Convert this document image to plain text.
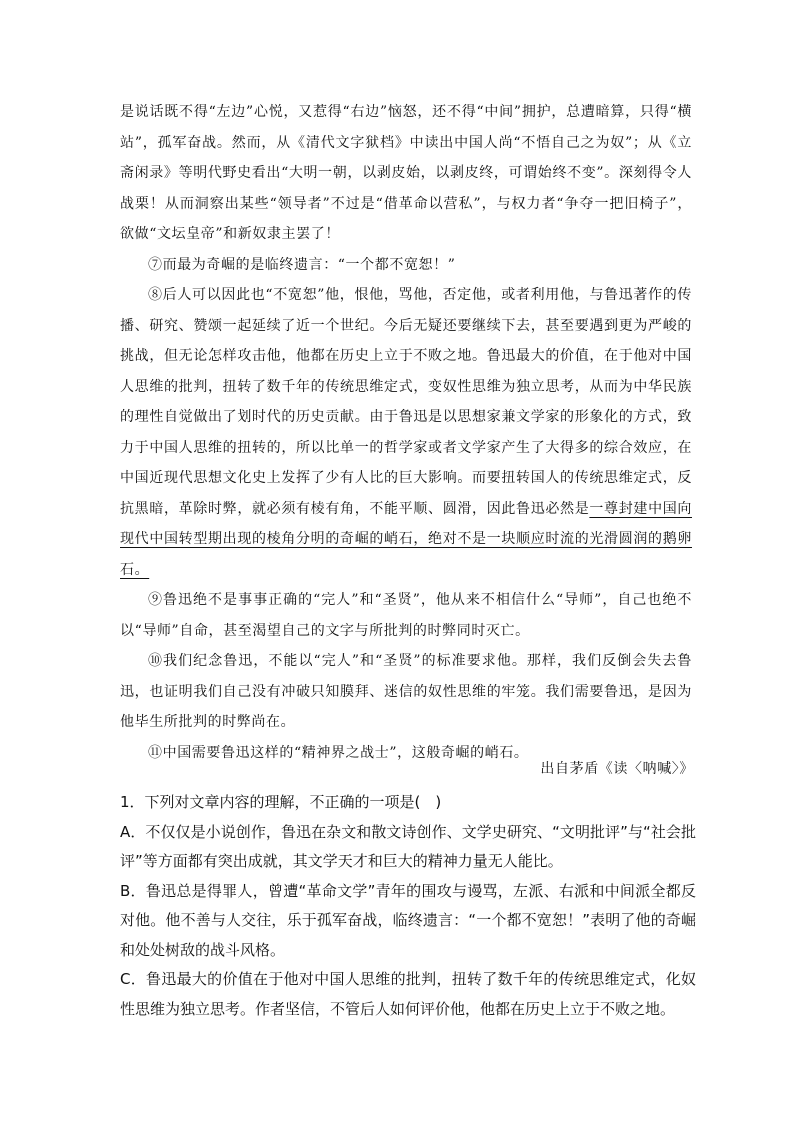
是说话既不得“左边”心悦，又惹得“右边”恼怒，还不得“中间”拥护，总遭暗算，只得“横站”，孤军奋战。然而，从《清代文字狱档》中读出中国人尚“不悟自己之为奴”；从《立斋闲录》等明代野史看出“大明一朝，以剥皮始，以剥皮终，可谓始终不变”。深刻得令人战栗！从而洞察出某些“领导者”不过是“借革命以营私”，与权力者“争夺一把旧椅子”，欲做“文坛皇帝”和新奴隶主罢了！

⑦而最为奇崛的是临终遗言：“一个都不宽恕！”

⑧后人可以因此也“不宽恕”他，恨他，骂他，否定他，或者利用他，与鲁迅著作的传播、研究、赞颂一起延续了近一个世纪。今后无疑还要继续下去，甚至要遇到更为严峻的挑战，但无论怎样攻击他，他都在历史上立于不败之地。鲁迅最大的价值，在于他对中国人思维的批判，扭转了数千年的传统思维定式，变奴性思维为独立思考，从而为中华民族的理性自觉做出了划时代的历史贡献。由于鲁迅是以思想家兼文学家的形象化的方式，致力于中国人思维的扭转的，所以比单一的哲学家或者文学家产生了大得多的综合效应，在中国近现代思想文化史上发挥了少有人比的巨大影响。而要扭转国人的传统思维定式，反抗黑暗，革除时弊，就必须有棱有角，不能平顺、圆滑，因此鲁迅必然是一尊封建中国向现代中国转型期出现的棱角分明的奇崛的峭石，绝对不是一块顺应时流的光滑圆润的鹅卵石。

⑨鲁迅绝不是事事正确的“完人”和“圣贤”，他从来不相信什么“导师”，自己也绝不以“导师”自命，甚至渴望自己的文字与所批判的时弊同时灭亡。

⑩我们纪念鲁迅，不能以“完人”和“圣贤”的标准要求他。那样，我们反倒会失去鲁迅，也证明我们自己没有冲破只知膜拜、迷信的奴性思维的牢笼。我们需要鲁迅，是因为他毕生所批判的时弊尚在。

⑪中国需要鲁迅这样的“精神界之战士”，这般奇崛的峭石。

出自茅盾《读〈呐喊〉》

1．下列对文章内容的理解，不正确的一项是(　)

A．不仅仅是小说创作，鲁迅在杂文和散文诗创作、文学史研究、“文明批评”与“社会批评”等方面都有突出成就，其文学天才和巨大的精神力量无人能比。

B．鲁迅总是得罪人，曾遭“革命文学”青年的围攻与谩骂，左派、右派和中间派全都反对他。他不善与人交往，乐于孤军奋战，临终遗言：“一个都不宽恕！”表明了他的奇崛和处处树敌的战斗风格。

C．鲁迅最大的价值在于他对中国人思维的批判，扭转了数千年的传统思维定式，化奴性思维为独立思考。作者坚信，不管后人如何评价他，他都在历史上立于不败之地。
